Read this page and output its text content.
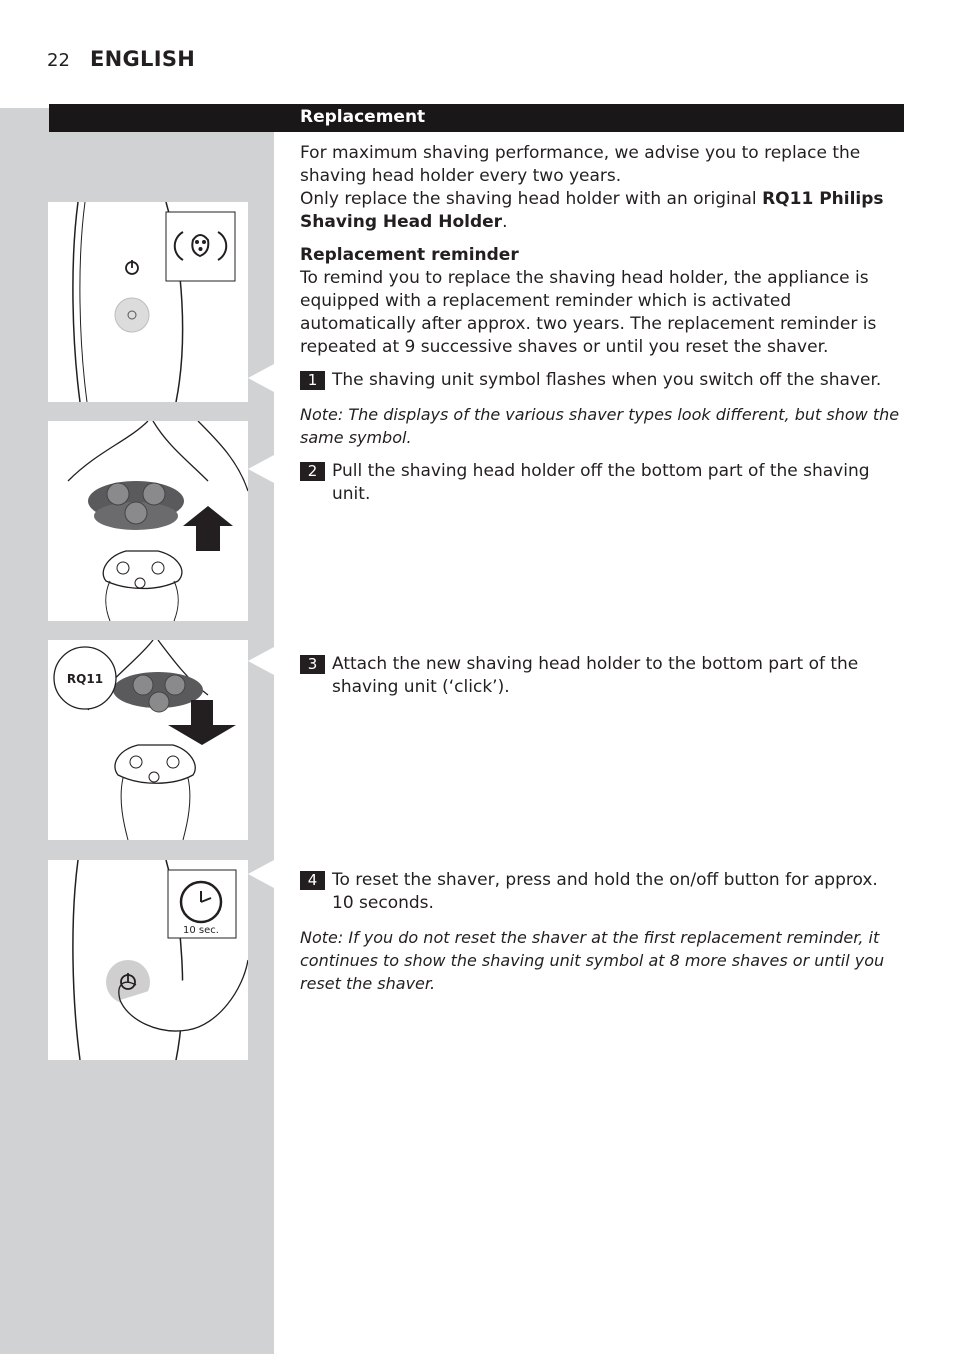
22 ENGLISH
Replacement
RQ11
10 sec.

For maximum shaving performance, we advise you to replace the shaving head holder every two years.

Only replace the shaving head holder with an original RQ11 Philips Shaving Head Holder.

Replacement reminder

To remind you to replace the shaving head holder, the appliance is equipped with a replacement reminder which is activated automatically after approx. two years. The replacement reminder is repeated at 9 successive shaves or until you reset the shaver.

1 The shaving unit symbol flashes when you switch off the shaver.
Note: The displays of the various shaver types look different, but show the same symbol.
2 Pull the shaving head holder off the bottom part of the shaving unit.
3 Attach the new shaving head holder to the bottom part of the shaving unit (‘click’).
4 To reset the shaver, press and hold the on/off button for approx. 10 seconds.
Note: If you do not reset the shaver at the first replacement reminder, it continues to show the shaving unit symbol at 8 more shaves or until you reset the shaver.
